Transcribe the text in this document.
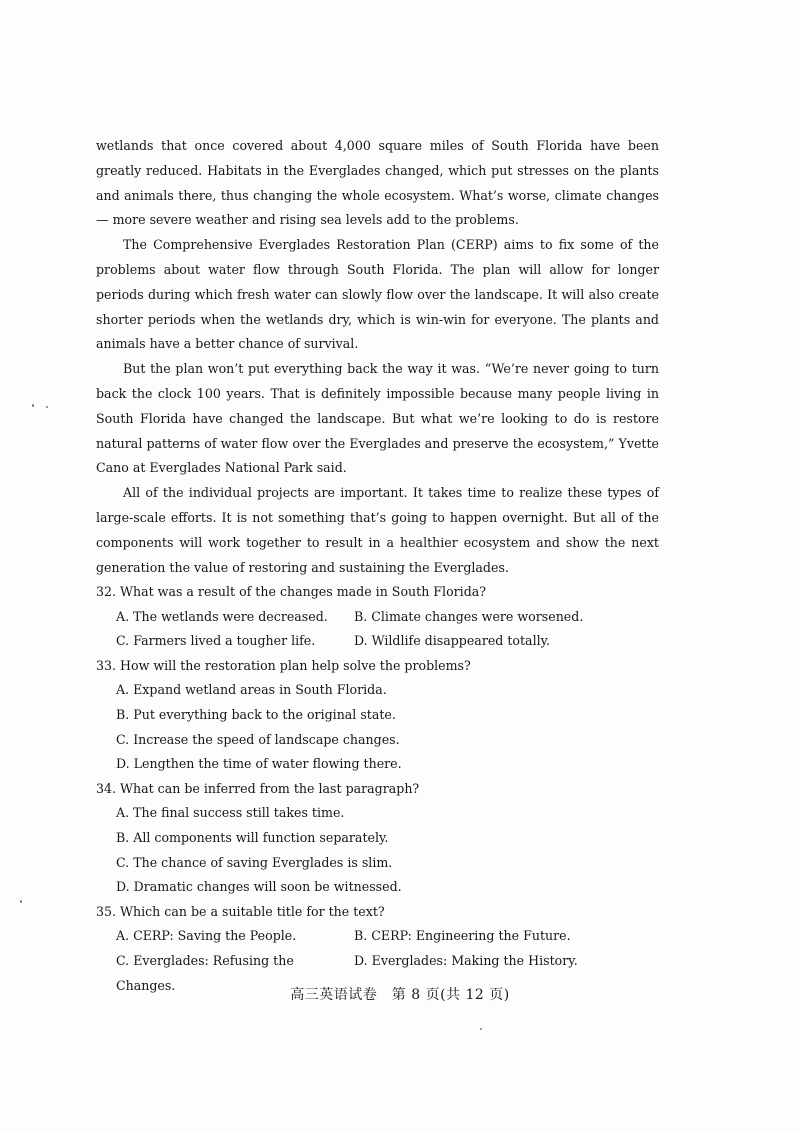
wetlands that once covered about 4,000 square miles of South Florida have been greatly reduced. Habitats in the Everglades changed, which put stresses on the plants and animals there, thus changing the whole ecosystem. What’s worse, climate changes — more severe weather and rising sea levels add to the problems.

The Comprehensive Everglades Restoration Plan (CERP) aims to fix some of the problems about water flow through South Florida. The plan will allow for longer periods during which fresh water can slowly flow over the landscape. It will also create shorter periods when the wetlands dry, which is win-win for everyone. The plants and animals have a better chance of survival.

But the plan won’t put everything back the way it was. “We’re never going to turn back the clock 100 years. That is definitely impossible because many people living in South Florida have changed the landscape. But what we’re looking to do is restore natural patterns of water flow over the Everglades and preserve the ecosystem,” Yvette Cano at Everglades National Park said.

All of the individual projects are important. It takes time to realize these types of large-scale efforts. It is not something that’s going to happen overnight. But all of the components will work together to result in a healthier ecosystem and show the next generation the value of restoring and sustaining the Everglades.

32. What was a result of the changes made in South Florida?

A. The wetlands were decreased.	B. Climate changes were worsened.

C. Farmers lived a tougher life.	D. Wildlife disappeared totally.

33. How will the restoration plan help solve the problems?

A. Expand wetland areas in South Florida.

B. Put everything back to the original state.

C. Increase the speed of landscape changes.

D. Lengthen the time of water flowing there.

34. What can be inferred from the last paragraph?

A. The final success still takes time.

B. All components will function separately.

C. The chance of saving Everglades is slim.

D. Dramatic changes will soon be witnessed.

35. Which can be a suitable title for the text?

A. CERP: Saving the People.	B. CERP: Engineering the Future.

C. Everglades: Refusing the Changes.

D. Everglades: Making the History.

高三英语试卷　第 8 页(共 12 页)
